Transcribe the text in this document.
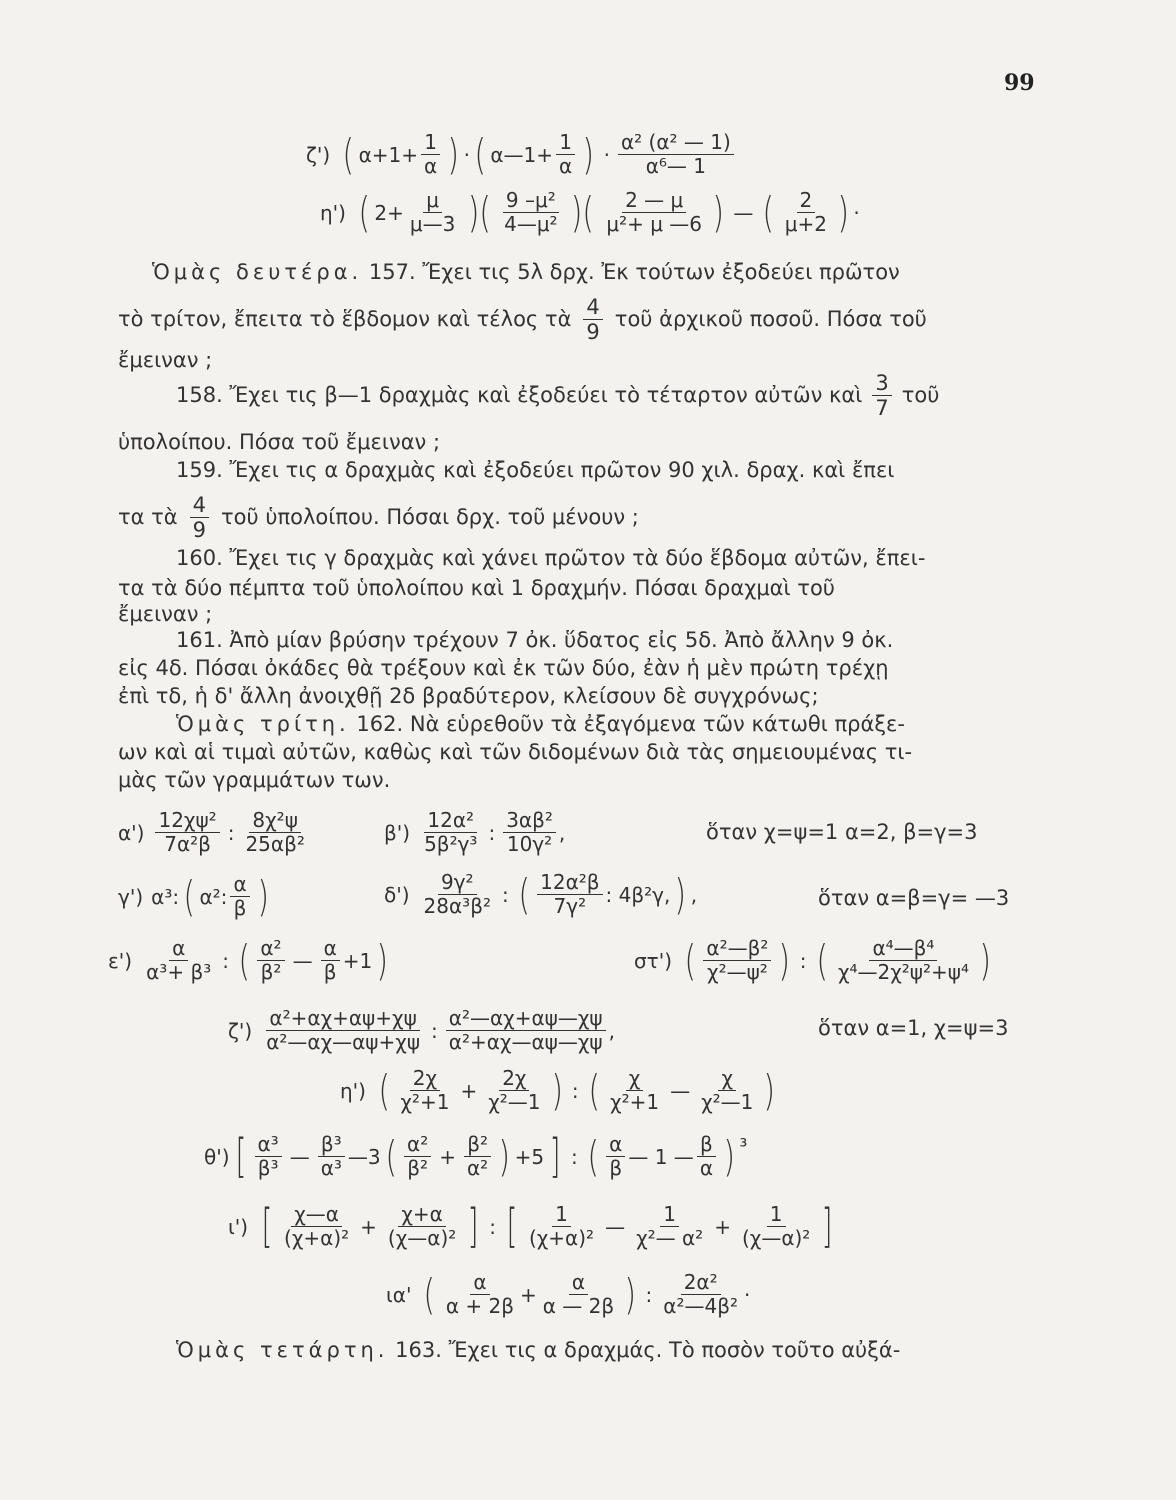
99
ζ') ( $\alpha+1+ \frac{1}{\alpha}$ ) · ( α—1+ $\frac{1}{\alpha}$ ) · $\frac{\text{α² (α² — 1)}}{\text{α⁶— 1}}$
η') ( $2+ \frac{\mu}{\mu—3}$ )( $\frac{\text{9 –μ²}}{\text{4—μ²}}$ )( $\frac{2 — \mu}{\text{μ²+ μ —6}}$ ) — ( $\frac{2}{\mu+2}$ ) ·
Ὁμὰς δευτέρα. 157. Ἔχει τις 5λ δρχ. Ἐκ τούτων ἐξοδεύει πρῶτον
τὸ τρίτον, ἔπειτα τὸ ἕβδομον καὶ τέλος τὰ $\frac{4}{9}$ τοῦ ἀρχικοῦ ποσοῦ. Πόσα τοῦ
ἔμειναν ;
158. Ἔχει τις β—1 δραχμὰς καὶ ἐξοδεύει τὸ τέταρτον αὐτῶν καὶ $\frac{3}{7}$ τοῦ
ὑπολοίπου. Πόσα τοῦ ἔμειναν ;
159. Ἔχει τις α δραχμὰς καὶ ἐξοδεύει πρῶτον 90 χιλ. δραχ. καὶ ἔπει
τα τὰ $\frac{4}{9}$ τοῦ ὑπολοίπου. Πόσαι δρχ. τοῦ μένουν ;
160. Ἔχει τις γ δραχμὰς καὶ χάνει πρῶτον τὰ δύο ἕβδομα αὐτῶν, ἔπει-
τα τὰ δύο πέμπτα τοῦ ὑπολοίπου καὶ 1 δραχμήν. Πόσαι δραχμαὶ τοῦ
ἔμειναν ;
161. Ἀπὸ μίαν βρύσην τρέχουν 7 ὀκ. ὕδατος εἰς 5δ. Ἀπὸ ἄλλην 9 ὀκ.
εἰς 4δ. Πόσαι ὀκάδες θὰ τρέξουν καὶ ἐκ τῶν δύο, ἐὰν ἡ μὲν πρώτη τρέχῃ
ἐπὶ τδ, ἡ δ' ἄλλη ἀνοιχθῇ 2δ βραδύτερον, κλείσουν δὲ συγχρόνως;
Ὁμὰς τρίτη. 162. Νὰ εὑρεθοῦν τὰ ἐξαγόμενα τῶν κάτωθι πράξε-
ων καὶ αἱ τιμαὶ αὐτῶν, καθὼς καὶ τῶν διδομένων διὰ τὰς σημειουμένας τι-
μὰς τῶν γραμμάτων των.
$\alpha') \frac{\text{12χψ²}}{\text{7α²β}}$ : $\frac{\text{8χ²ψ}}{\text{25αβ²}}$	$\beta') \frac{\text{12α²}}{\text{5β²γ³}}$ : $\frac{\text{3αβ²}}{\text{10γ²}}$ ,	ὅταν χ=ψ=1 α=2, β=γ=3
γ') α³: ( α²: $\frac{\alpha}{\beta}$ )	$\delta') \frac{\text{9γ²}}{\text{28α³β²}}$ : ( $\frac{\text{12α²β}}{\text{7γ²}}$ : 4β²γ, ) ,	ὅταν α=β=γ= —3
$\varepsilon') \frac{\alpha}{\text{α³+ β³}}$ : ( $\frac{\text{α²}}{\text{β²}}$ — $\frac{\alpha}{\beta} +1$ )	στ') ( $\frac{\text{α²—β²}}{\text{χ²—ψ²}}$ ) : ( $\frac{\text{α⁴—β⁴}}{\text{χ⁴—2χ²ψ²+ψ⁴}}$ )
$\zeta') \frac{\text{α²+αχ+αψ+χψ}}{\text{α²—αχ—αψ+χψ}}$ : $\frac{\text{α²—αχ+αψ—χψ}}{\text{α²+αχ—αψ—χψ}}$ ,	ὅταν α=1, χ=ψ=3
η') ( $\frac{2\chi}{\text{χ²+1}} + \frac{2\chi}{\text{χ²—1}}$ ) : ( $\frac{\chi}{\text{χ²+1}}$ — $\frac{\chi}{\text{χ²—1}}$ )
θ') [ $\frac{\text{α³}}{\text{β³}}$ — $\frac{\text{β³}}{\text{α³}}$ —3 ( $\frac{\text{α²}}{\text{β²}} + \frac{\text{β²}}{\text{α²}}$ ) +5 ] : ( $\frac{\alpha}{\beta}$ — 1 — $\frac{\beta}{\alpha}$ ) ³
ι') [ $\frac{\chi—\alpha}{\text{(χ+α)²}} + \frac{\chi+\alpha}{\text{(χ—α)²}}$ ] : [ $\frac{1}{\text{(χ+α)²}}$ — $\frac{1}{\text{χ²— α²}} + \frac{1}{\text{(χ—α)²}}$ ]
ια' ( $\frac{\alpha}{\alpha + 2\beta} + \frac{\alpha}{\alpha — 2\beta}$ ) : $\frac{\text{2α²}}{\text{α²—4β²}}$ ·
Ὁμὰς τετάρτη. 163. Ἔχει τις α δραχμάς. Τὸ ποσὸν τοῦτο αὐξά-
